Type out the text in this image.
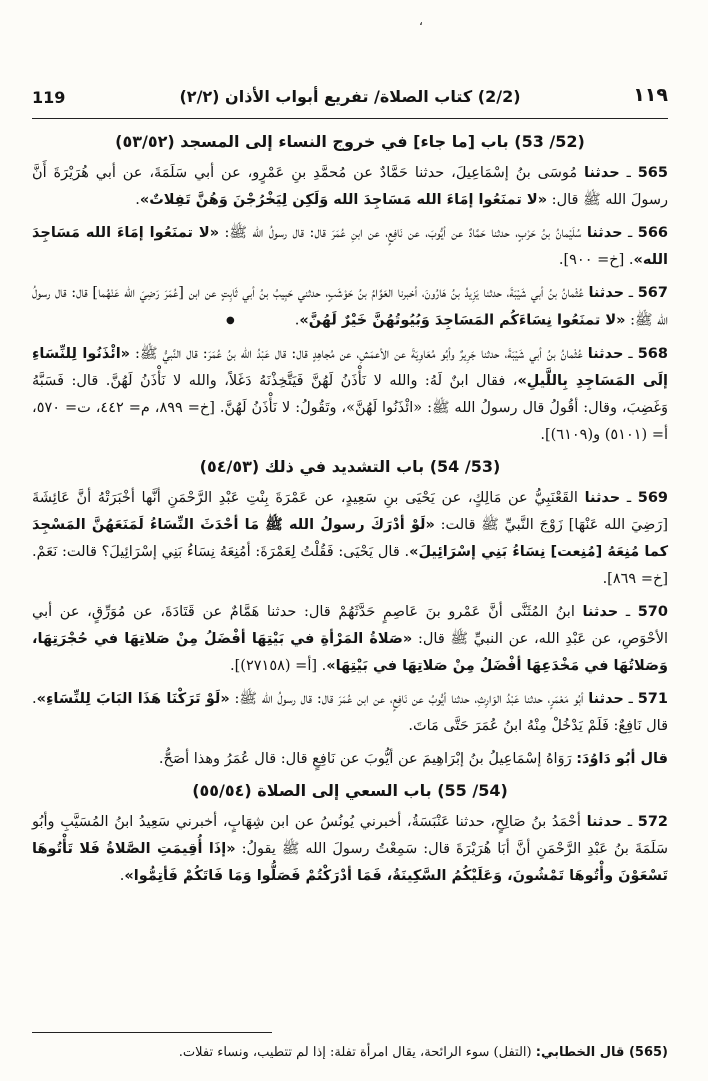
،
119	(2/2) كتاب الصلاة/ تفريع أبواب الأذان (٢/٢)	١١٩
(52/ 53) باب [ما جاء] في خروج النساء إلى المسجد (٥٣/٥٢)

565 ـ حدثنا مُوسَى بنُ إسْمَاعِيلَ، حدثنا حَمَّادٌ عن مُحمَّدِ بنِ عَمْرٍو، عن أبي سَلَمَةَ، عن أبي هُرَيْرَةَ أَنَّ رسولَ الله ﷺ قال: «لا تمنَعُوا إمَاءَ الله مَسَاجِدَ الله وَلَكِن لِيَخْرُجْنَ وَهُنَّ تَفِلاتٌ».

566 ـ حدثنا سُلَيْمانُ بنُ حَرْبٍ، حدثنا حَمَّادٌ عن أيُّوبَ، عن نَافِعٍ، عن ابنِ عُمَرَ قال: قال رسولُ الله ﷺ: «لا تمنَعُوا إمَاءَ الله مَسَاجِدَ الله». [خ= ٩٠٠].

567 ـ حدثنا عُثْمانُ بنُ أبي شَيْبَةَ، حدثنا يَزِيدُ بنُ هَارُونَ، أخبرنا العَوَّامُ بنُ حَوْشَبٍ، حدثني حَبِيبُ بنُ أبي ثَابِتٍ عن ابن [عُمَرَ رَضِيَ الله عَنْهُما] قال: قال رسولُ الله ﷺ: «لا تمنَعُوا نِسَاءَكُم المَسَاجِدَ وَبُيُوتُهُنَّ خَيْرٌ لَهُنَّ».●

568 ـ حدثنا عُثْمانُ بنُ أبي شَيْبَةَ، حدثنا جَرِيرٌ وأبُو مُعَاوِيَةَ عن الأعمَشِ، عن مُجاهِدٍ قال: قال عَبْدُ الله بنُ عُمَرَ: قال النَّبيُّ ﷺ: «ائْذَنُوا لِلنِّسَاءِ إلَى المَسَاجِدِ بِاللَّيلِ»، فقال ابنٌ لَهُ: والله لا نَأْذَنُ لَهُنَّ فَيَتَّخِذْنَهُ دَغَلاً، والله لا نَأْذَنُ لَهُنَّ. قال: فَسَبَّهُ وَغَضِبَ، وقال: أقُولُ قال رسولُ الله ﷺ: «ائْذَنُوا لَهُنَّ»، وتَقُولُ: لا نَأْذَنُ لَهُنَّ. [خ= ٨٩٩، م= ٤٤٢، ت= ٥٧٠، أ= (٥١٠١) و(٦١٠٩)].

(53/ 54) باب التشديد في ذلك (٥٤/٥٣)

569 ـ حدثنا القَعْنَبِيُّ عن مَالِكٍ، عن يَحْيَى بنِ سَعِيدٍ، عن عَمْرَةَ بِنْتِ عَبْدِ الرَّحْمَنِ أنَّها أخْبَرَتْهُ أنَّ عَائِشَةَ [رَضِيَ الله عَنْهَا] زَوْجَ النَّبيِّ ﷺ قالت: «لَوْ أدْرَكَ رسولُ الله ﷺ مَا أحْدَثَ النِّسَاءُ لَمَنَعَهُنَّ المَسْجِدَ كما مُنِعَهُ [مُنِعت] نِسَاءُ بَنِي إسْرَائِيلَ». قال يَحْيَى: فَقُلْتُ لِعَمْرَةَ: أمُنِعَهُ نِسَاءُ بَنِي إسْرَائِيلَ؟ قالت: نَعَمْ. [خ= ٨٦٩].

570 ـ حدثنا ابنُ المُثَنَّى أنَّ عَمْرو بنَ عَاصِمٍ حَدَّثَهُمْ قال: حدثنا هَمَّامٌ عن قَتَادَةَ، عن مُوَرِّقٍ، عن أبي الأحْوَصِ، عن عَبْدِ الله، عن النبيِّ ﷺ قال: «صَلاةُ المَرْأةِ في بَيْتِهَا أفْضَلُ مِنْ صَلاتِهَا في حُجْرَتِهَا، وَصَلاتُهَا في مَخْدَعِهَا أفْضَلُ مِنْ صَلاتِهَا في بَيْتِهَا». [أ= (٢٧١٥٨)].

571 ـ حدثنا أبُو مَعْمَرٍ، حدثنا عَبْدُ الوَارِثِ، حدثنا أيُّوبُ عن نَافِعٍ، عن ابن عُمَرَ قال: قال رسولُ الله ﷺ: «لَوْ تَرَكْنَا هَذَا البَابَ لِلنِّسَاءِ». قال نَافِعٌ: فَلَمْ يَدْخُلْ مِنْهُ ابنُ عُمَرَ حَتَّى مَاتَ.

قال أبُو دَاوُدَ: رَوَاهُ إسْمَاعِيلُ بنُ إبْرَاهِيمَ عن أيُّوبَ عن نَافِعٍ قال: قال عُمَرُ وهذا أصَحُّ.

(54/ 55) باب السعي إلى الصلاة (٥٥/٥٤)

572 ـ حدثنا أحْمَدُ بنُ صَالِحٍ، حدثنا عَنْبَسَةُ، أخبرني يُونُسُ عن ابن شِهَابٍ، أخبرني سَعِيدُ ابنُ المُسَيَّبِ وأبُو سَلَمَةَ بنُ عَبْدِ الرَّحْمَنِ أنَّ أبَا هُرَيْرَةَ قال: سَمِعْتُ رسولَ الله ﷺ يقولُ: «إذَا أُقِيمَتِ الصَّلاةُ فَلا تَأْتُوهَا تَسْعَوْنَ وأْتُوهَا تَمْشُونَ، وَعَلَيْكُمُ السَّكِينَةُ، فَمَا أدْرَكْتُمْ فَصَلُّوا وَمَا فَاتَكُمْ فَأتِمُّوا».

(565) قال الخطابي: (التفل) سوء الرائحة، يقال امرأة تفلة: إذا لم تتطيب، ونساء تفلات.
